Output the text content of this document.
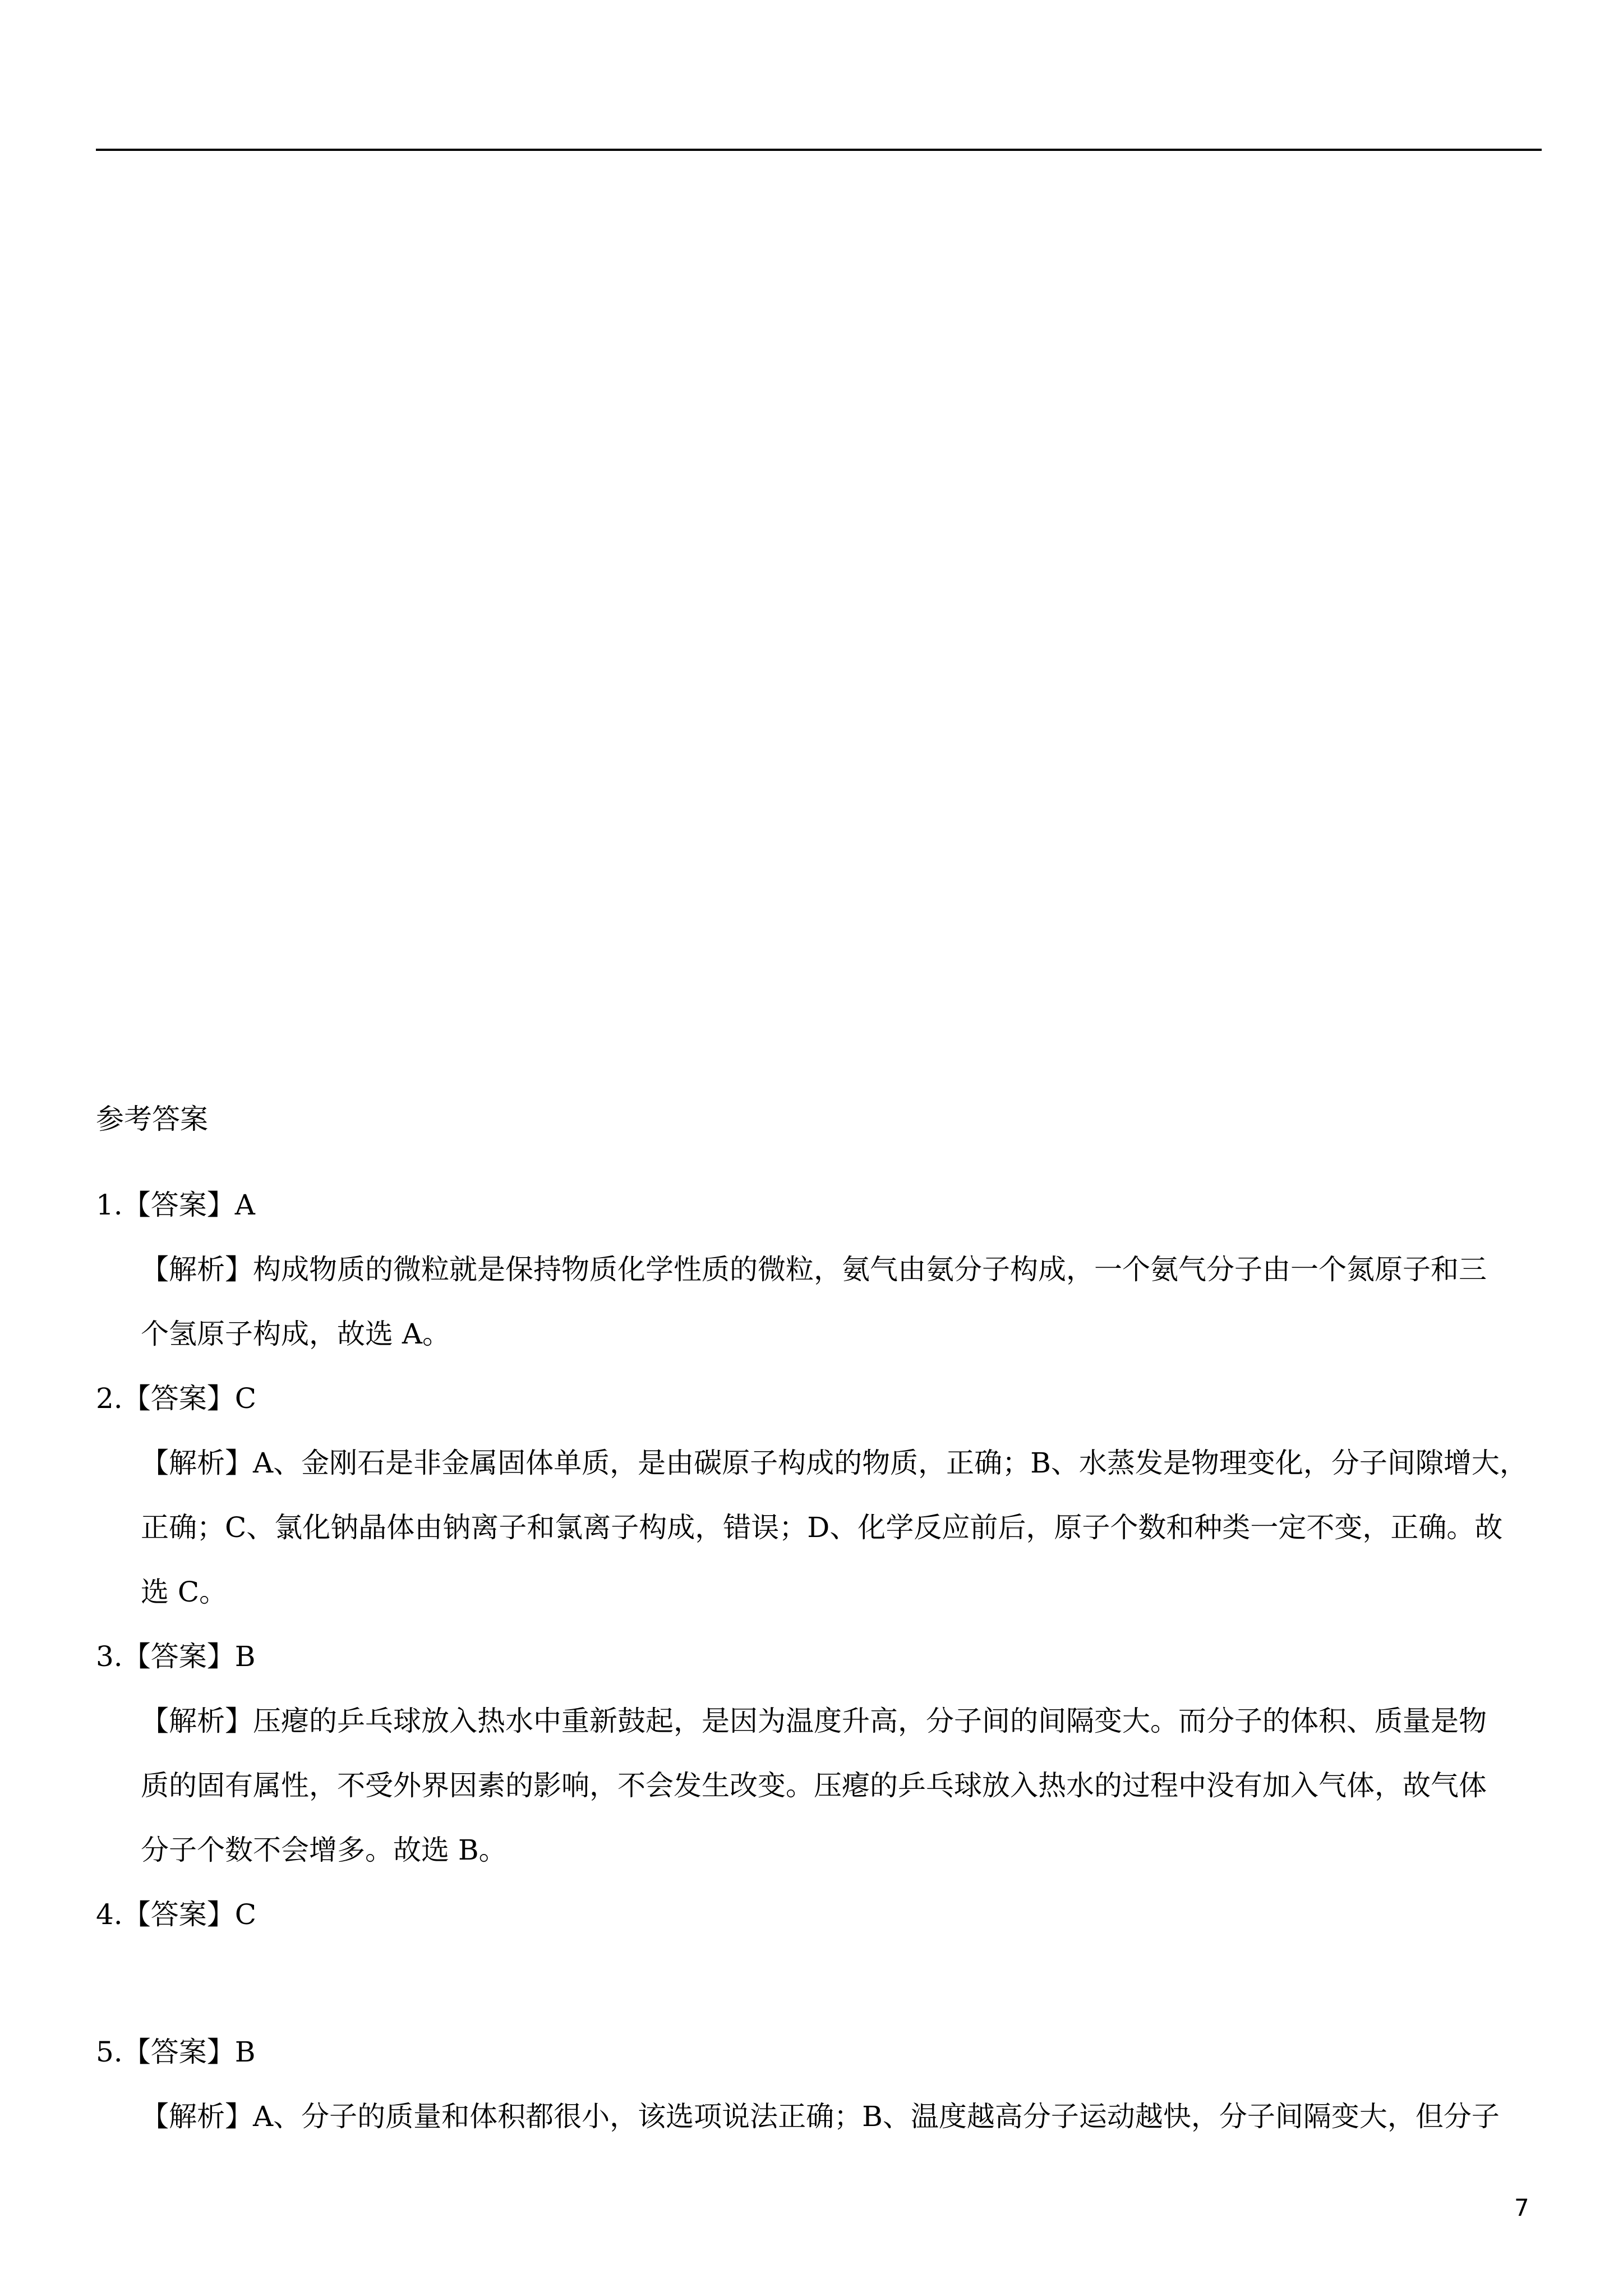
参考答案
1.【答案】A
【解析】构成物质的微粒就是保持物质化学性质的微粒，氨气由氨分子构成，一个氨气分子由一个氮原子和三
个氢原子构成，故选 A。
2.【答案】C
【解析】A、金刚石是非金属固体单质，是由碳原子构成的物质，正确；B、水蒸发是物理变化，分子间隙增大，
正确；C、氯化钠晶体由钠离子和氯离子构成，错误；D、化学反应前后，原子个数和种类一定不变，正确。故
选 C。
3.【答案】B
【解析】压瘪的乒乓球放入热水中重新鼓起，是因为温度升高，分子间的间隔变大。而分子的体积、质量是物
质的固有属性，不受外界因素的影响，不会发生改变。压瘪的乒乓球放入热水的过程中没有加入气体，故气体
分子个数不会增多。故选 B。
4.【答案】C
5.【答案】B
【解析】A、分子的质量和体积都很小，该选项说法正确；B、温度越高分子运动越快，分子间隔变大，但分子
7
